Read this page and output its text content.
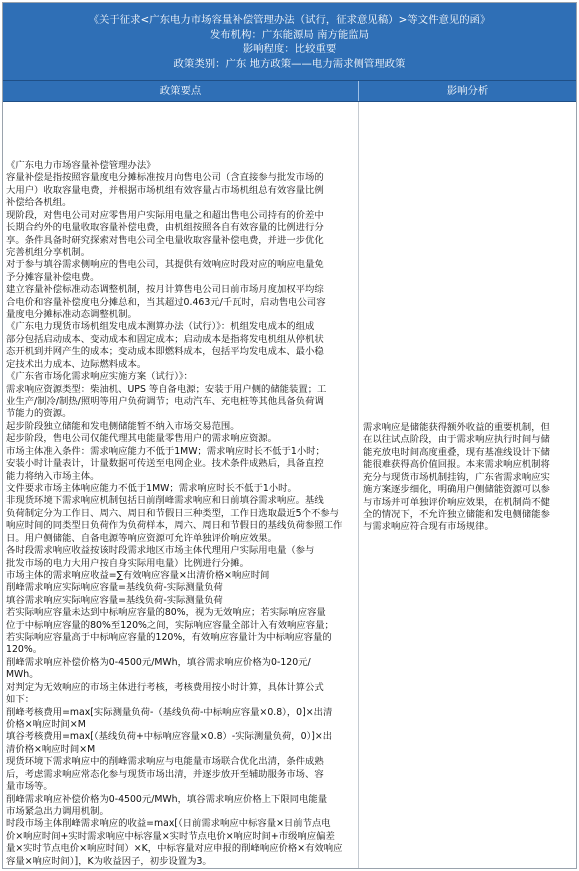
《关于征求<广东电力市场容量补偿管理办法（试行，征求意见稿）>等文件意见的函》
发布机构：广东能源局 南方能监局
影响程度：比较重要
政策类别：广东 地方政策——电力需求侧管理政策
政策要点	影响分析
《广东电力市场容量补偿管理办法》
容量补偿是指按照容量度电分摊标准按月向售电公司（含直接参与批发市场的
大用户）收取容量电费，并根据市场机组有效容量占市场机组总有效容量比例
补偿给各机组。
现阶段，对售电公司对应零售用户实际用电量之和超出售电公司持有的价差中
长期合约外的电量收取容量补偿电费，由机组按照各自有效容量的比例进行分
享。条件具备时研究探索对售电公司全电量收取容量补偿电费，并进一步优化
完善机组分享机制。
对于参与填谷需求侧响应的售电公司，其提供有效响应时段对应的响应电量免
予分摊容量补偿电费。
建立容量补偿标准动态调整机制，按月计算售电公司日前市场月度加权平均综
合电价和容量补偿度电分摊总和，当其超过0.463元/千瓦时，启动售电公司容
量度电分摊标准动态调整机制。
《广东电力现货市场机组发电成本测算办法（试行）》：机组发电成本的组成
部分包括启动成本、变动成本和固定成本；启动成本是指将发电机组从停机状
态开机到并网产生的成本；变动成本即燃料成本，包括平均发电成本、最小稳
定技术出力成本、边际燃料成本。
《广东省市场化需求响应实施方案（试行）》：
需求响应资源类型：柴油机、UPS 等自备电源；安装于用户侧的储能装置；工
业生产/制冷/制热/照明等用户负荷调节；电动汽车、充电桩等其他具备负荷调
节能力的资源。
起步阶段独立储能和发电侧储能暂不纳入市场交易范围。
起步阶段，售电公司仅能代理其电能量零售用户的需求响应资源。
市场主体准入条件：需求响应能力不低于1MW；需求响应时长不低于1小时；
安装小时计量表计，计量数据可传送至电网企业。技术条件成熟后，具备直控
能力将纳入市场主体。
文件要求市场主体响应能力不低于1MW；需求响应时长不低于1小时。
非现货环境下需求响应机制包括日前削峰需求响应和日前填谷需求响应。基线
负荷制定分为工作日、周六、周日和节假日三种类型，工作日选取最近5个不参与
响应时间的同类型日负荷作为负荷样本，周六、周日和节假日的基线负荷参照工作
日。用户侧储能、自备电源等响应资源可允许单独评价响应效果。
各时段需求响应收益按该时段需求地区市场主体代理用户实际用电量（参与
批发市场的电力大用户按自身实际用电量）比例进行分摊。
市场主体的需求响应收益=∑有效响应容量×出清价格×响应时间
削峰需求响应实际响应容量=基线负荷-实际测量负荷
填谷需求响应实际响应容量=基线负荷-实际测量负荷
若实际响应容量未达到中标响应容量的80%，视为无效响应；若实际响应容量
位于中标响应容量的80%至120%之间，实际响应容量全部计入有效响应容量；
若实际响应容量高于中标响应容量的120%，有效响应容量计为中标响应容量的
120%。
削峰需求响应补偿价格为0-4500元/MWh，填谷需求响应价格为0-120元/
MWh。
对判定为无效响应的市场主体进行考核，考核费用按小时计算，具体计算公式
如下：
削峰考核费用=max[实际测量负荷-（基线负荷-中标响应容量×0.8），0]×出清
价格×响应时间×M
填谷考核费用=max[（基线负荷+中标响应容量×0.8）-实际测量负荷，0）]×出
清价格×响应时间×M
现货环境下需求响应中的削峰需求响应与电能量市场联合优化出清，条件成熟
后，考虑需求响应常态化参与现货市场出清，并逐步放开至辅助服务市场、容
量市场等。
削峰需求响应补偿价格为0-4500元/MWh，填谷需求响应价格上下限同电能量
市场紧急出力调用机制。
时段市场主体削峰需求响应的收益=max[（日前需求响应中标容量×日前节点电
价×响应时间+实时需求响应中标容量×实时节点电价×响应时间+市级响应偏差
量×实时节点电价×响应时间）×K，中标容量对应申报的削峰响应价格×有效响应
容量×响应时间）]，K为收益因子，初步设置为3。
需求响应是储能获得额外收益的重要机制，但
在以往试点阶段，由于需求响应执行时间与储
能充放电时间高度重叠，现有基准线设计下储
能很难获得高价值回报。本来需求响应机制将
充分与现货市场机制挂钩，广东省需求响应实
施方案逐步细化，明确用户侧储能资源可以参
与市场并可单独评价响应效果，在机制尚不健
全的情况下，不允许独立储能和发电侧储能参
与需求响应符合现有市场规律。
